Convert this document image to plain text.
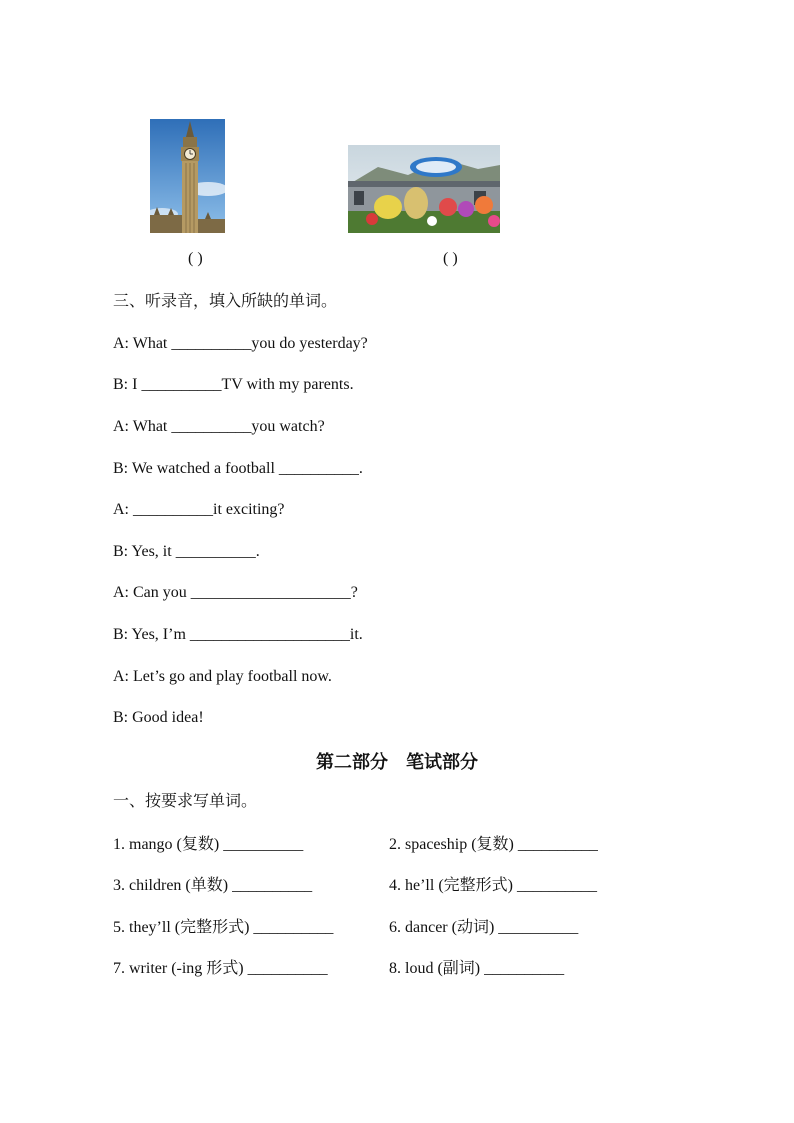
( )	( )
三、听录音，填入所缺的单词。
A: What __________you do yesterday?
B: I __________TV with my parents.
A: What __________you watch?
B: We watched a football __________.
A: __________it exciting?
B: Yes, it __________.
A: Can you ____________________?
B: Yes, I’m ____________________it.
A: Let’s go and play football now.
B: Good idea!
第二部分　笔试部分
一、按要求写单词。
1. mango (复数) __________	2. spaceship (复数) __________
3. children (单数) __________	4. he’ll (完整形式) __________
5. they’ll (完整形式) __________	6. dancer (动词) __________
7. writer (-ing 形式) __________	8. loud (副词) __________
